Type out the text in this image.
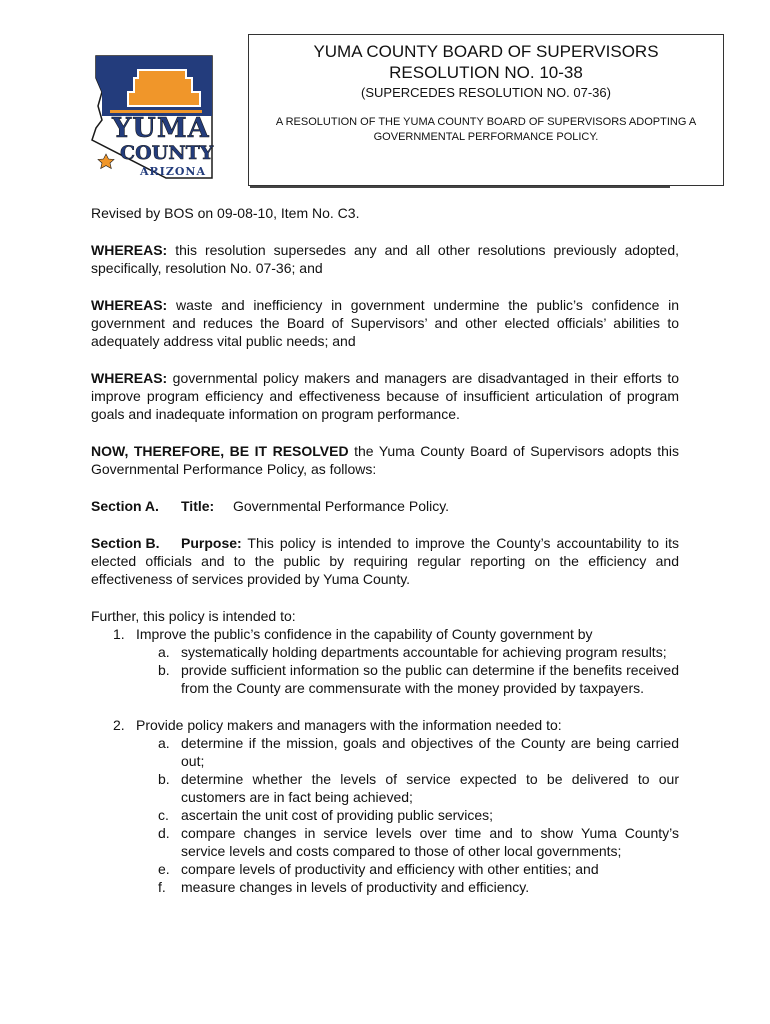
YUMA
COUNTY
ARIZONA
YUMA COUNTY BOARD OF SUPERVISORS
RESOLUTION NO. 10-38
(SUPERCEDES RESOLUTION NO. 07-36)
A RESOLUTION OF THE YUMA COUNTY BOARD OF SUPERVISORS ADOPTING A GOVERNMENTAL PERFORMANCE POLICY.

Revised by BOS on 09-08-10, Item No. C3.

WHEREAS: this resolution supersedes any and all other resolutions previously adopted, specifically, resolution No. 07-36; and

WHEREAS: waste and inefficiency in government undermine the public’s confidence in government and reduces the Board of Supervisors’ and other elected officials’ abilities to adequately address vital public needs; and

WHEREAS: governmental policy makers and managers are disadvantaged in their efforts to improve program efficiency and effectiveness because of insufficient articulation of program goals and inadequate information on program performance.

NOW, THEREFORE, BE IT RESOLVED the Yuma County Board of Supervisors adopts this Governmental Performance Policy, as follows:

Section A. Title: Governmental Performance Policy.

Section B. Purpose: This policy is intended to improve the County’s accountability to its elected officials and to the public by requiring regular reporting on the efficiency and effectiveness of services provided by Yuma County.

Further, this policy is intended to:

1. Improve the public’s confidence in the capability of County government by
a. systematically holding departments accountable for achieving program results;
b. provide sufficient information so the public can determine if the benefits received from the County are commensurate with the money provided by taxpayers.
2. Provide policy makers and managers with the information needed to:
a. determine if the mission, goals and objectives of the County are being carried out;
b. determine whether the levels of service expected to be delivered to our customers are in fact being achieved;
c. ascertain the unit cost of providing public services;
d. compare changes in service levels over time and to show Yuma County’s service levels and costs compared to those of other local governments;
e. compare levels of productivity and efficiency with other entities; and
f. measure changes in levels of productivity and efficiency.
